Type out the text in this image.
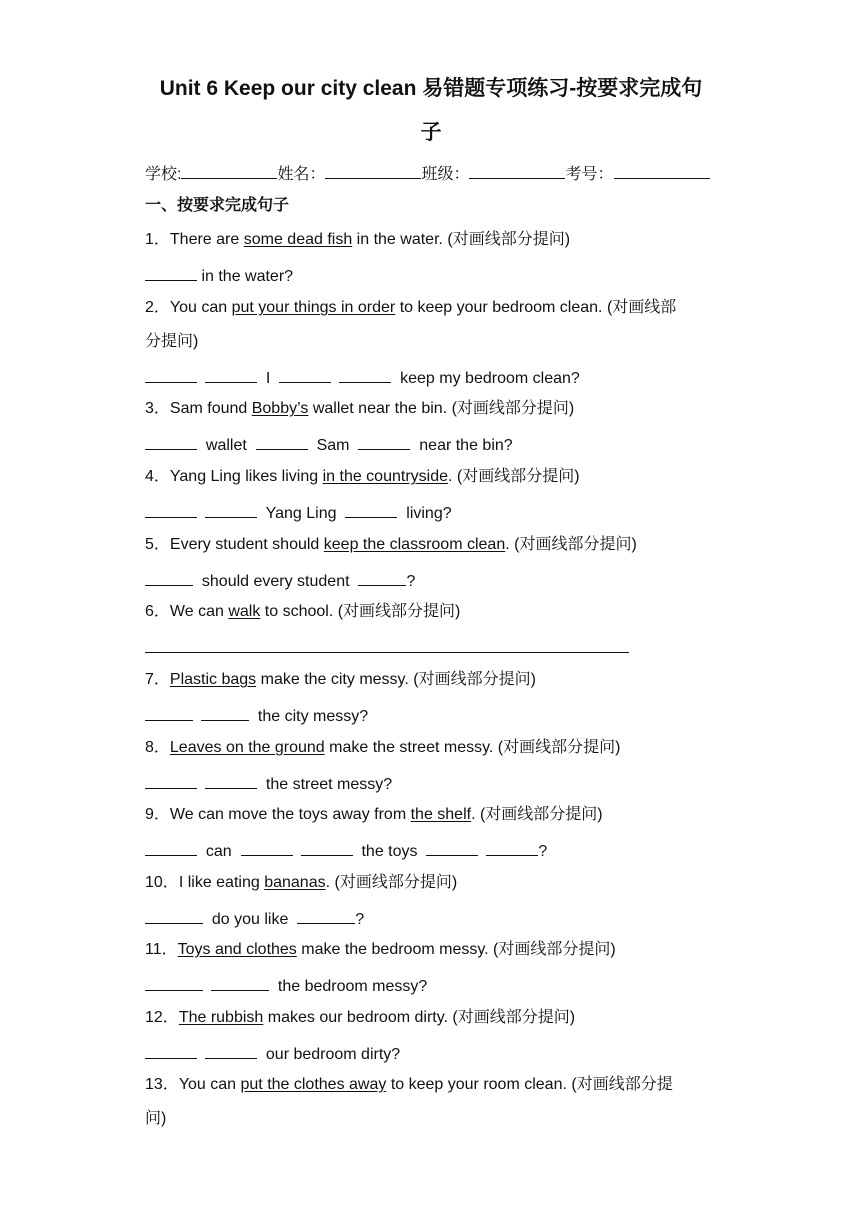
Unit 6 Keep our city clean 易错题专项练习-按要求完成句
子
学校:	姓名：	班级：	考号：
一、按要求完成句子
1．There are some dead fish in the water. (对画线部分提问)
in the water?
2．You can put your things in order to keep your bedroom clean. (对画线部
分提问)
I	keep my bedroom clean?
3．Sam found Bobby’s wallet near the bin. (对画线部分提问)
wallet	Sam	near the bin?
4．Yang Ling likes living in the countryside. (对画线部分提问)
Yang Ling	living?
5．Every student should keep the classroom clean. (对画线部分提问)
should every student	?
6．We can walk to school. (对画线部分提问)
7．Plastic bags make the city messy. (对画线部分提问)
the city messy?
8．Leaves on the ground make the street messy. (对画线部分提问)
the street messy?
9．We can move the toys away from the shelf. (对画线部分提问)
can	the toys	?
10．I like eating bananas. (对画线部分提问)
do you like	?
11．Toys and clothes make the bedroom messy. (对画线部分提问)
the bedroom messy?
12．The rubbish makes our bedroom dirty. (对画线部分提问)
our bedroom dirty?
13．You can put the clothes away to keep your room clean. (对画线部分提
问)
